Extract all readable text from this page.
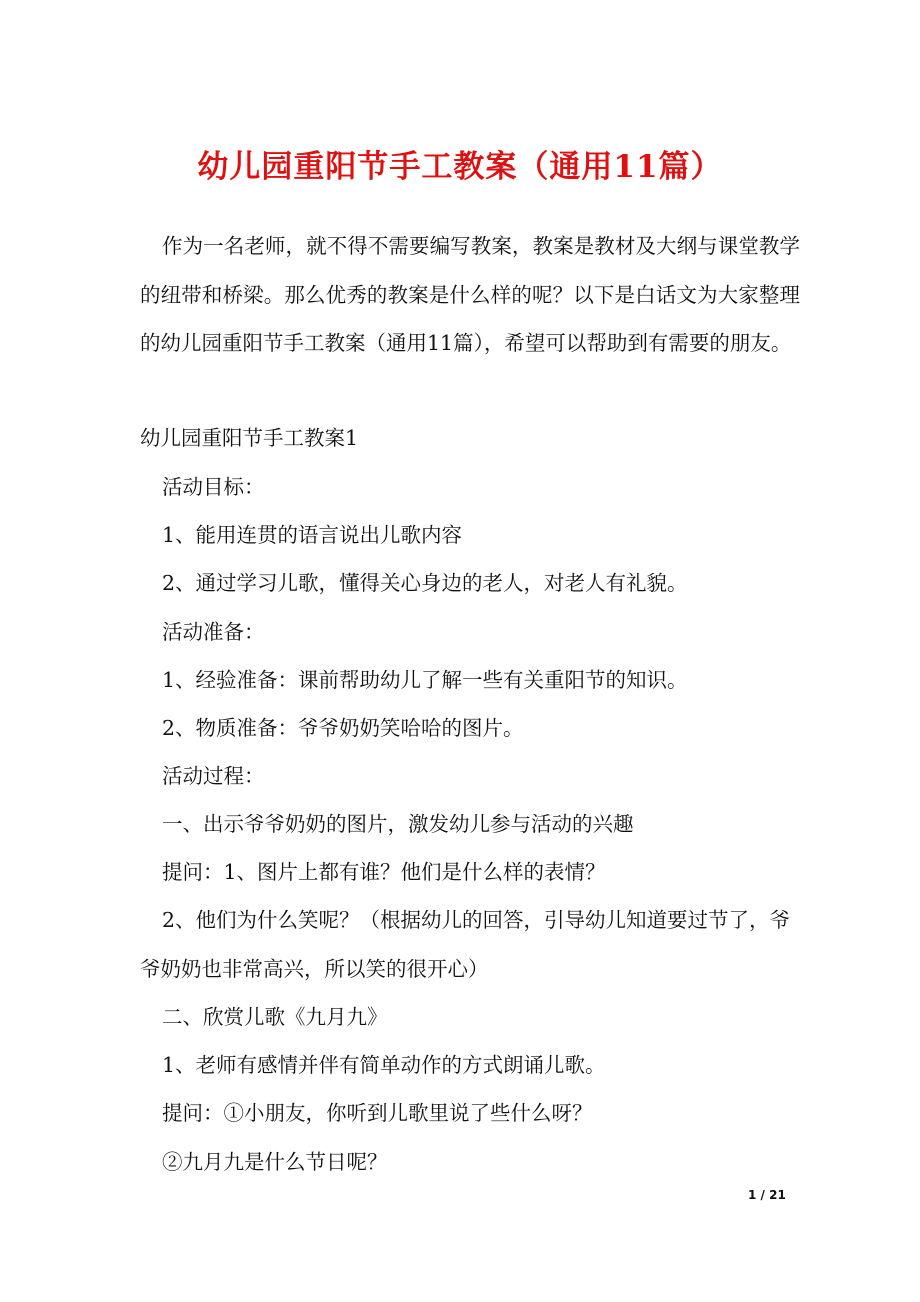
幼儿园重阳节手工教案（通用11篇）
作为一名老师，就不得不需要编写教案，教案是教材及大纲与课堂教学的纽带和桥梁。那么优秀的教案是什么样的呢？以下是白话文为大家整理的幼儿园重阳节手工教案（通用11篇），希望可以帮助到有需要的朋友。
幼儿园重阳节手工教案1
活动目标：
1、能用连贯的语言说出儿歌内容
2、通过学习儿歌，懂得关心身边的老人，对老人有礼貌。
活动准备：
1、经验准备：课前帮助幼儿了解一些有关重阳节的知识。
2、物质准备：爷爷奶奶笑哈哈的图片。
活动过程：
一、出示爷爷奶奶的图片，激发幼儿参与活动的兴趣
提问：1、图片上都有谁？他们是什么样的表情？
2、他们为什么笑呢？（根据幼儿的回答，引导幼儿知道要过节了，爷爷奶奶也非常高兴，所以笑的很开心）
二、欣赏儿歌《九月九》
1、老师有感情并伴有简单动作的方式朗诵儿歌。
提问：①小朋友，你听到儿歌里说了些什么呀？
②九月九是什么节日呢？
1 / 21
